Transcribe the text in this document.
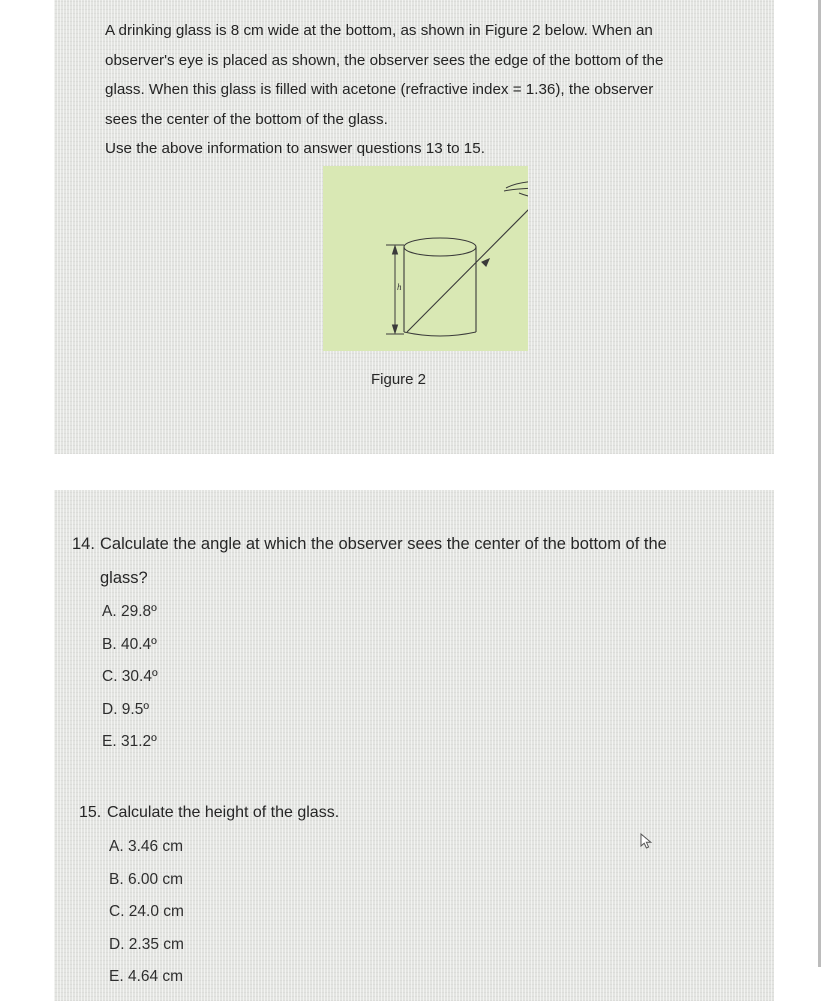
A drinking glass is 8 cm wide at the bottom, as shown in Figure 2 below. When an

observer's eye is placed as shown, the observer sees the edge of the bottom of the

glass. When this glass is filled with acetone (refractive index = 1.36), the observer

sees the center of the bottom of the glass.

Use the above information to answer questions 13 to 15.

h
Figure 2
14. Calculate the angle at which the observer sees the center of the bottom of the
glass?
A. 29.8º
B. 40.4º
C. 30.4º
D. 9.5º
E. 31.2º
15. Calculate the height of the glass.
A. 3.46 cm
B. 6.00 cm
C. 24.0 cm
D. 2.35 cm
E. 4.64 cm
